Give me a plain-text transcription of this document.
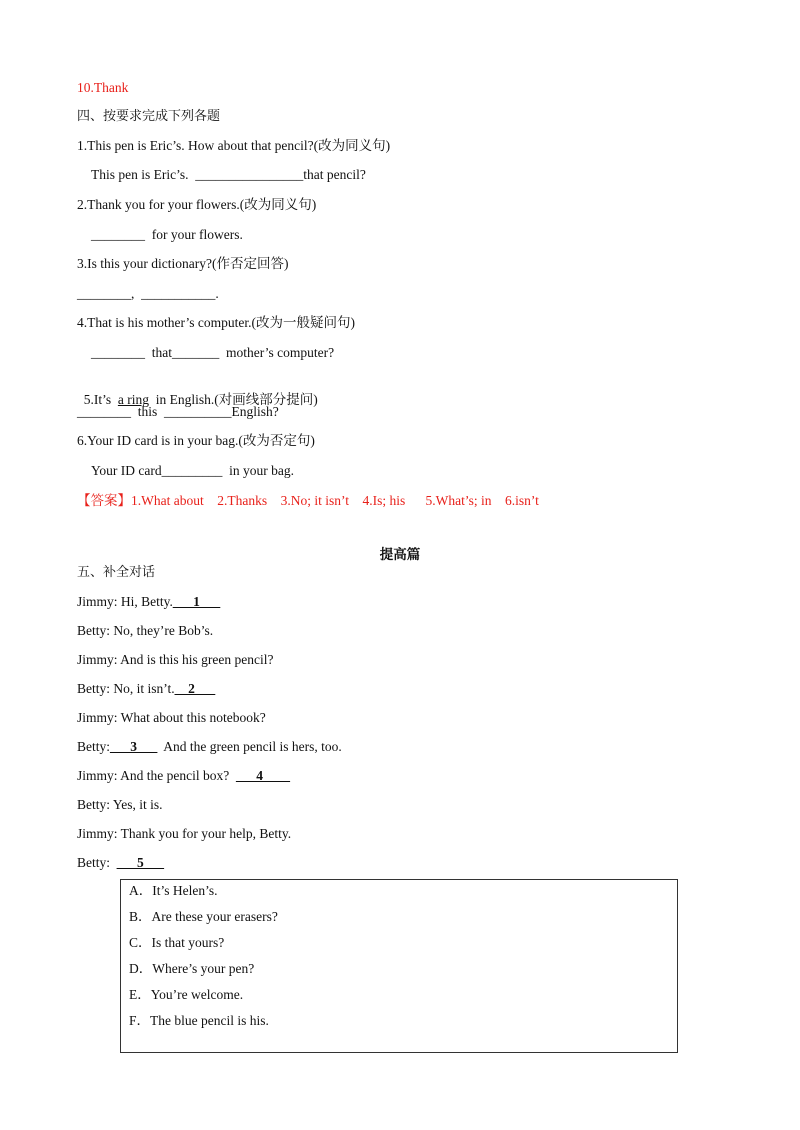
10.Thank
四、按要求完成下列各题
1.This pen is Eric’s. How about that pencil?(改为同义句)
This pen is Eric’s.  ________________that pencil?
2.Thank you for your flowers.(改为同义句)
________  for your flowers.
3.Is this your dictionary?(作否定回答)
________,  ___________.
4.That is his mother’s computer.(改为一般疑问句)
________  that_______  mother’s computer?

5.It’s  a ring  in English.(对画线部分提问)

________  this  __________English?
6.Your ID card is in your bag.(改为否定句)
Your ID card_________  in your bag.
【答案】1.What about    2.Thanks    3.No; it isn’t    4.Is; his      5.What’s; in    6.isn’t
提高篇
五、补全对话
Jimmy: Hi, Betty.___1___
Betty: No, they’re Bob’s.
Jimmy: And is this his green pencil?
Betty: No, it isn’t.__2___
Jimmy: What about this notebook?
Betty:___3___  And the green pencil is hers, too.
Jimmy: And the pencil box?  ___4____
Betty: Yes, it is.
Jimmy: Thank you for your help, Betty.
Betty:  ___5___
A．It’s Helen’s.
B．Are these your erasers?
C．Is that yours?
D．Where’s your pen?
E．You’re welcome.
F．The blue pencil is his.
